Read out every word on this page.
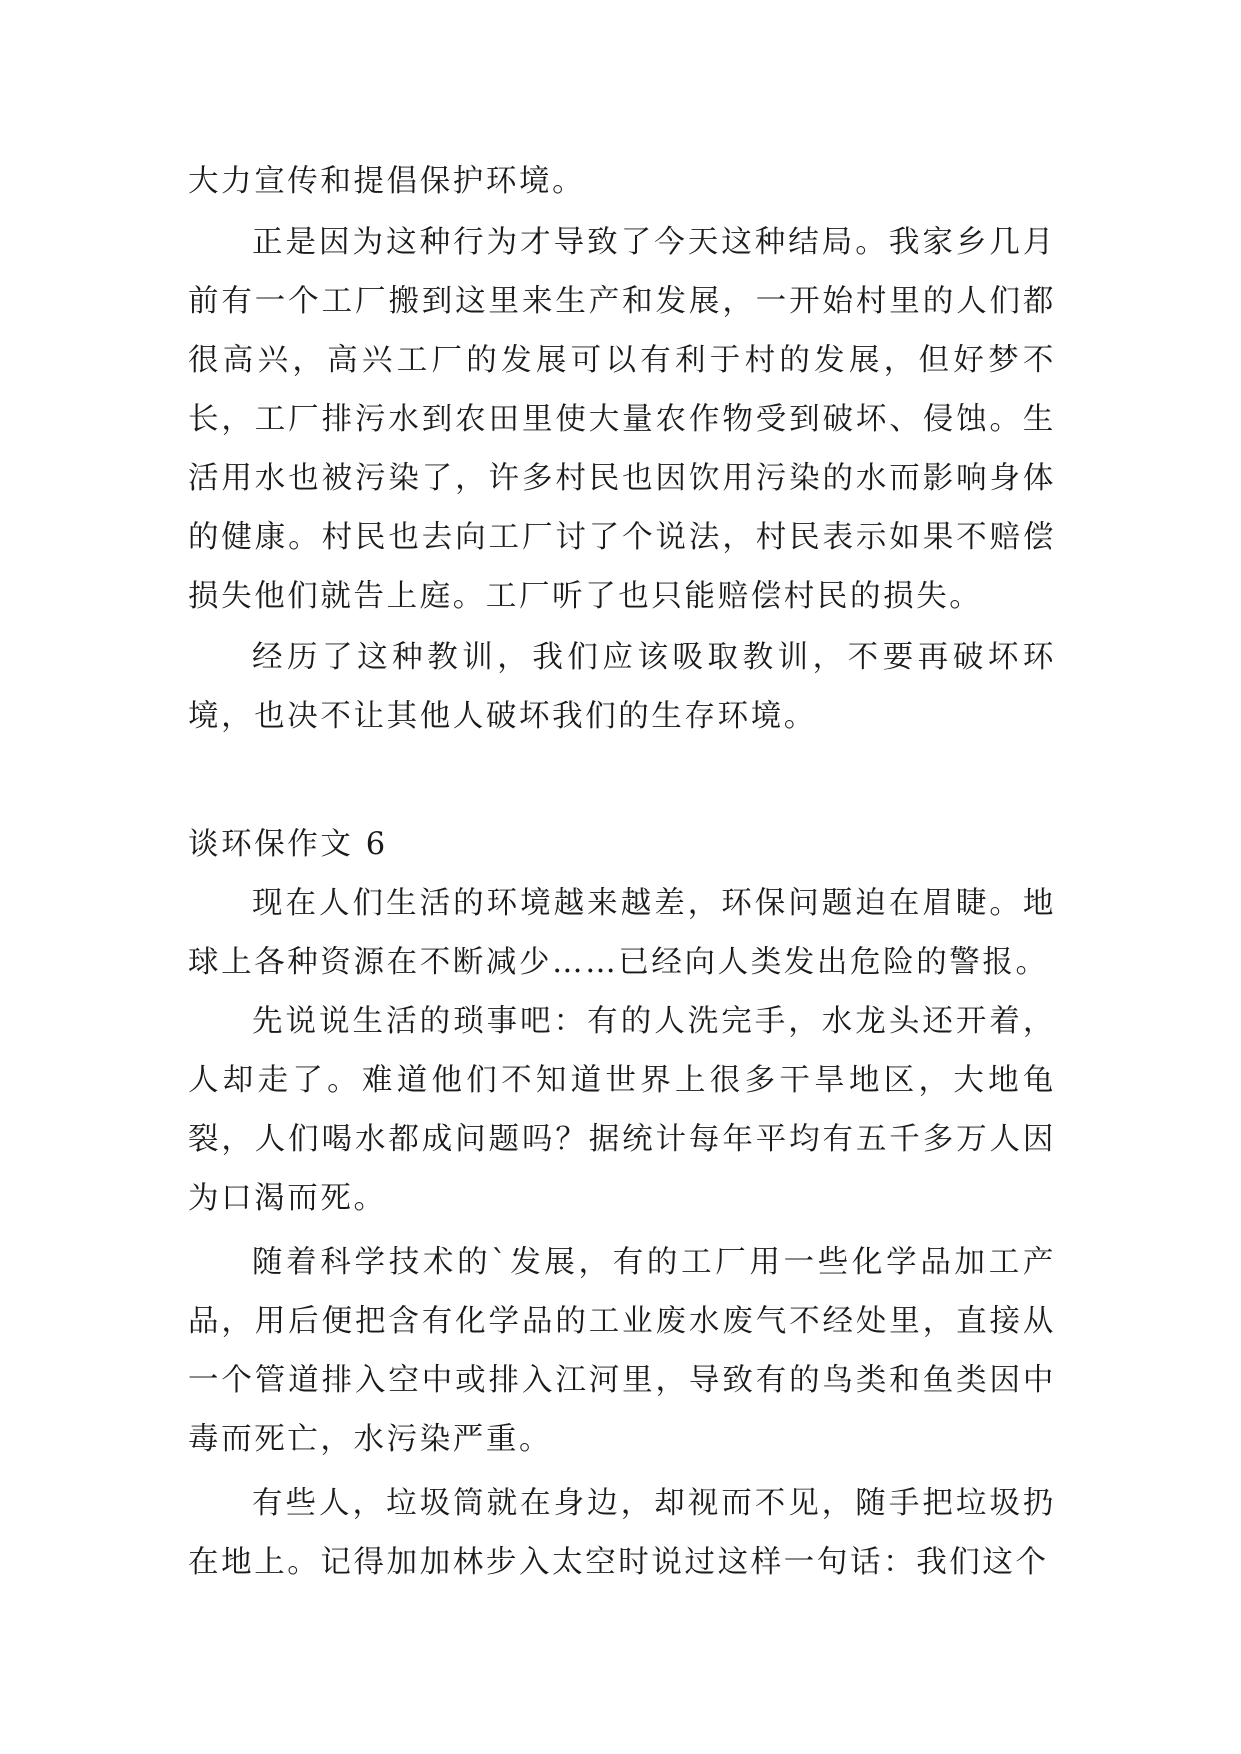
大力宣传和提倡保护环境。

正是因为这种行为才导致了今天这种结局。我家乡几月前有一个工厂搬到这里来生产和发展，一开始村里的人们都很高兴，高兴工厂的发展可以有利于村的发展，但好梦不长，工厂排污水到农田里使大量农作物受到破坏、侵蚀。生活用水也被污染了，许多村民也因饮用污染的水而影响身体的健康。村民也去向工厂讨了个说法，村民表示如果不赔偿损失他们就告上庭。工厂听了也只能赔偿村民的损失。

经历了这种教训，我们应该吸取教训，不要再破坏环境，也决不让其他人破坏我们的生存环境。

谈环保作文 6

现在人们生活的环境越来越差，环保问题迫在眉睫。地球上各种资源在不断减少……已经向人类发出危险的警报。

先说说生活的琐事吧：有的人洗完手，水龙头还开着，人却走了。难道他们不知道世界上很多干旱地区，大地龟裂，人们喝水都成问题吗？据统计每年平均有五千多万人因为口渴而死。

随着科学技术的`发展，有的工厂用一些化学品加工产品，用后便把含有化学品的工业废水废气不经处里，直接从一个管道排入空中或排入江河里，导致有的鸟类和鱼类因中毒而死亡，水污染严重。

有些人，垃圾筒就在身边，却视而不见，随手把垃圾扔在地上。记得加加林步入太空时说过这样一句话：我们这个
